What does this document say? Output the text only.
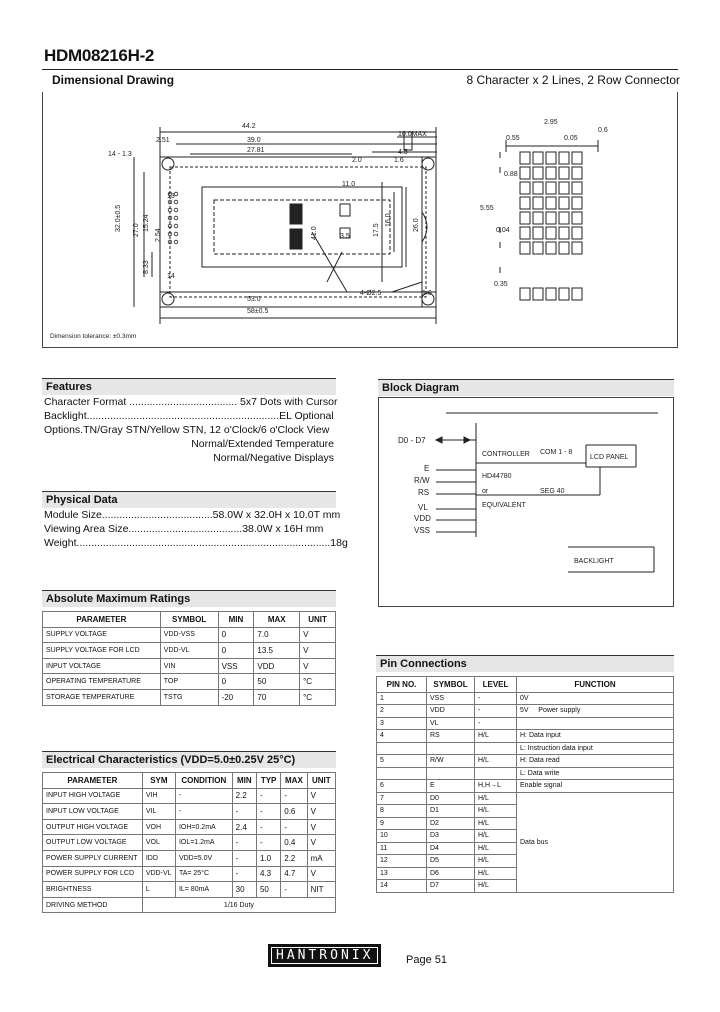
HDM08216H-2
Dimensional Drawing	8 Character x 2 Lines, 2 Row Connector
44.2
39.0
27.81
2.51
14 - 1.3
10.0MAX
4.5
2.0	1.6
11.0
32.0±0.5 27.0 15.24	17.5
16.0	26.0
2.54
8.33
53.0
58±0.5
4-Ø2.5	1.6
41.0	3.5
2.95
0.55
0.6
0.88
5.55
0.04
0.05
0.35
13
14
Dimension tolerance: ±0.3mm
Features
Character Format ..................................... 5x7 Dots with Cursor
Backlight..................................................................EL Optional
Options.TN/Gray STN/Yellow STN, 12 o'Clock/6 o'Clock View
Normal/Extended Temperature
Normal/Negative Displays
Physical Data
Module Size......................................58.0W x 32.0H x 10.0T mm
Viewing Area Size.......................................38.0W x 16H mm
Weight.......................................................................................18g
Absolute Maximum Ratings
PARAMETER	SYMBOL	MIN	MAX	UNIT
SUPPLY VOLTAGE	VDD-VSS	0	7.0	V
SUPPLY VOLTAGE FOR LCD	VDD-VL	0	13.5	V
INPUT VOLTAGE	VIN	VSS	VDD	V
OPERATING TEMPERATURE	TOP	0	50	°C
STORAGE TEMPERATURE	TSTG	-20	70	°C
Electrical Characteristics (VDD=5.0±0.25V 25°C)
PARAMETER	SYM	CONDITION	MIN	TYP	MAX	UNIT
INPUT HIGH VOLTAGE	VIH	-	2.2	-	-	V
INPUT LOW VOLTAGE	VIL	-	-	-	0.6	V
OUTPUT HIGH VOLTAGE	VOH	IOH=0.2mA	2.4	-	-	V
OUTPUT LOW VOLTAGE	VOL	IOL=1.2mA	-	-	0.4	V
POWER SUPPLY CURRENT	IDD	VDD=5.0V	-	1.0	2.2	mA
POWER SUPPLY FOR LCD	VDD-VL	TA= 25°C	-	4.3	4.7	V
BRIGHTNESS	L	IL= 80mA	30	50	-	NIT
DRIVING METHOD	1/16 Duty					
Block Diagram
D0 - D7
E
R/W
RS
VL
VDD
VSS
CONTROLLER
HD44780
or
EQUIVALENT
COM 1 - 8
SEG 40
LCD PANEL
BACKLIGHT
Pin Connections
PIN NO.	SYMBOL	LEVEL	FUNCTION
1	VSS	-	0V
2	VDD	-	5V Power supply
3	VL	-	
4	RS	H/L	H: Data input
			L: Instruction data input
5	R/W	H/L	H: Data read
			L: Data write
6	E	H,H→L	Enable signal
7	D0	H/L	Data bus
8	D1	H/L	
9	D2	H/L	
10	D3	H/L	
11	D4	H/L	
12	D5	H/L	
13	D6	H/L	
14	D7	H/L	
HANTRONIX	Page 51
